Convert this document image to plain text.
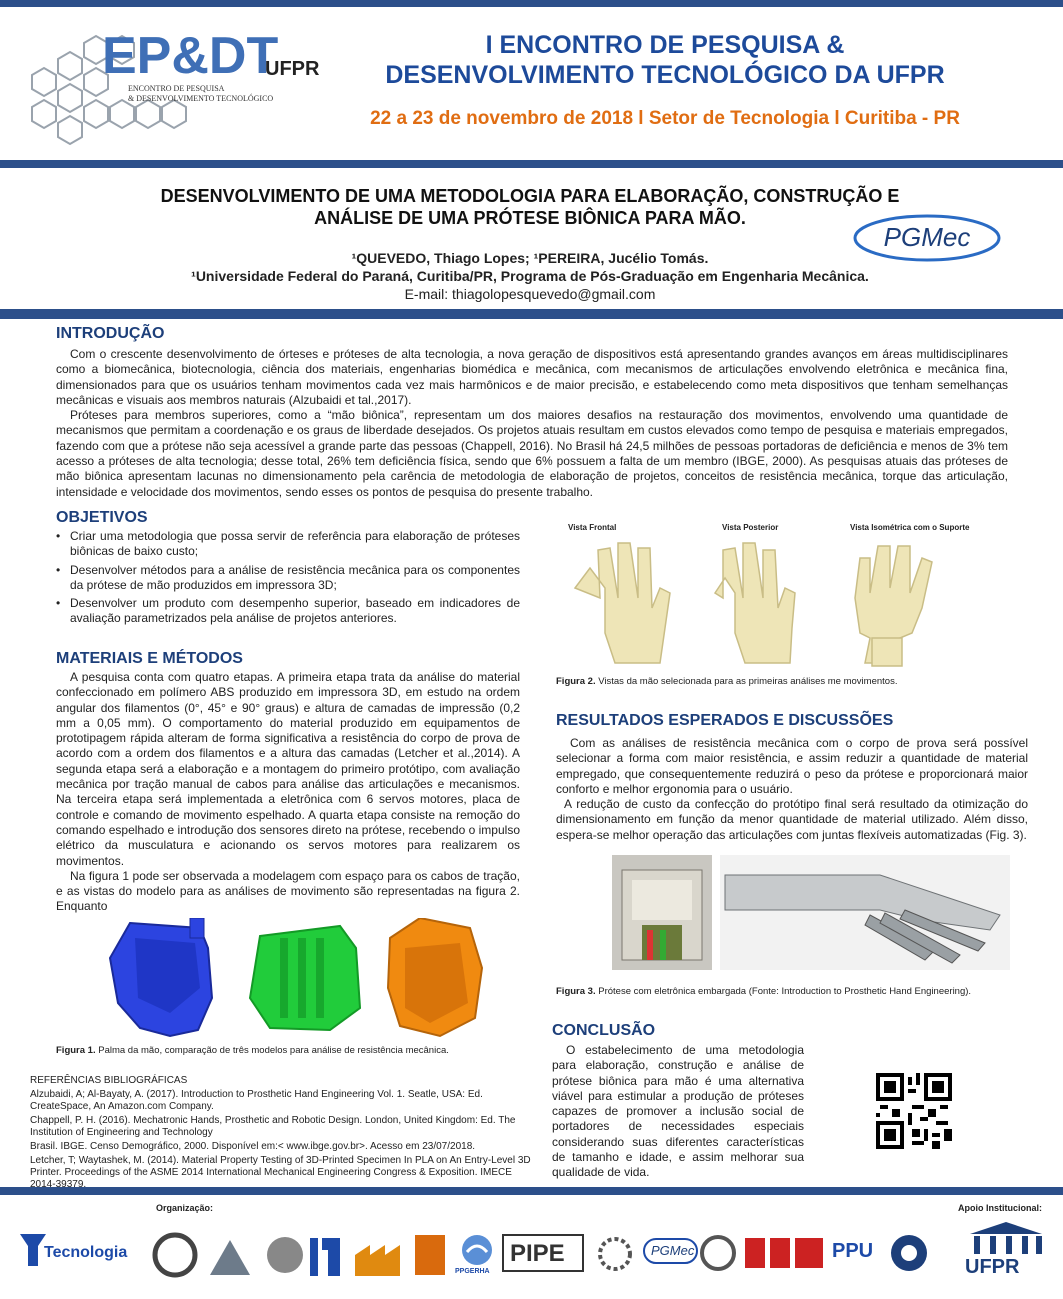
EP&DT
UFPR
ENCONTRO DE PESQUISA
& DESENVOLVIMENTO TECNOLÓGICO
I ENCONTRO DE PESQUISA &
DESENVOLVIMENTO TECNOLÓGICO DA UFPR
22 a 23 de novembro de 2018 l Setor de Tecnologia l Curitiba - PR
DESENVOLVIMENTO DE UMA METODOLOGIA PARA ELABORAÇÃO, CONSTRUÇÃO E
ANÁLISE DE UMA PRÓTESE BIÔNICA PARA MÃO.
¹QUEVEDO, Thiago Lopes; ¹PEREIRA, Jucélio Tomás.
¹Universidade Federal do Paraná, Curitiba/PR, Programa de Pós-Graduação em Engenharia Mecânica.
E-mail: thiagolopesquevedo@gmail.com
PGMec
INTRODUÇÃO

Com o crescente desenvolvimento de órteses e próteses de alta tecnologia, a nova geração de dispositivos está apresentando grandes avanços em áreas multidisciplinares como a biomecânica, biotecnologia, ciência dos materiais, engenharias biomédica e mecânica, com mecanismos de articulações envolvendo eletrônica e mecânica fina, dimensionados para que os usuários tenham movimentos cada vez mais harmônicos e de maior precisão, e estabelecendo como meta dispositivos que tenham semelhanças mecânicas e visuais aos membros naturais (Alzubaidi et tal.,2017).

Próteses para membros superiores, como a “mão biônica”, representam um dos maiores desafios na restauração dos movimentos, envolvendo uma quantidade de mecanismos que permitam a coordenação e os graus de liberdade desejados. Os projetos atuais resultam em custos elevados como tempo de pesquisa e materiais empregados, fazendo com que a prótese não seja acessível a grande parte das pessoas (Chappell, 2016). No Brasil há 24,5 milhões de pessoas portadoras de deficiência e menos de 3% tem acesso a próteses de alta tecnologia; desse total, 26% tem deficiência física, sendo que 6% possuem a falta de um membro (IBGE, 2000). As pesquisas atuais das próteses de mão biônica apresentam lacunas no dimensionamento pela carência de metodologia de elaboração de projetos, conceitos de resistência mecânica, torque das articulação, intensidade e velocidade dos movimentos, sendo esses os pontos de pesquisa do presente trabalho.

OBJETIVOS
• Criar uma metodologia que possa servir de referência para elaboração de próteses biônicas de baixo custo;
• Desenvolver métodos para a análise de resistência mecânica para os componentes da prótese de mão produzidos em impressora 3D;
• Desenvolver um produto com desempenho superior, baseado em indicadores de avaliação parametrizados pela análise de projetos anteriores.
MATERIAIS E MÉTODOS

A pesquisa conta com quatro etapas. A primeira etapa trata da análise do material confeccionado em polímero ABS produzido em impressora 3D, em estudo na ordem angular dos filamentos (0°, 45° e 90° graus) e altura de camadas de impressão (0,2 mm a 0,05 mm). O comportamento do material produzido em equipamentos de prototipagem rápida alteram de forma significativa a resistência do corpo de prova de acordo com a ordem dos filamentos e a altura das camadas (Letcher et al.,2014). A segunda etapa será a elaboração e a montagem do primeiro protótipo, com avaliação mecânica por tração manual de cabos para análise das articulações e mecanismos. Na terceira etapa será implementada a eletrônica com 6 servos motores, placa de controle e comando de movimento espelhado. A quarta etapa consiste na remoção do comando espelhado e introdução dos sensores direto na prótese, recebendo o impulso elétrico da musculatura e acionando os servos motores para realizarem os movimentos.

Na figura 1 pode ser observada a modelagem com espaço para os cabos de tração, e as vistas do modelo para as análises de movimento são representadas na figura 2. Enquanto

Figura 1. Palma da mão, comparação de três modelos para análise de resistência mecânica.
REFERÊNCIAS BIBLIOGRÁFICAS
Alzubaidi, A; Al-Bayaty, A. (2017). Introduction to Prosthetic Hand Engineering Vol. 1. Seatle, USA: Ed. CreateSpace, An Amazon.com Company.
Chappell, P. H. (2016). Mechatronic Hands, Prosthetic and Robotic Design. London, United Kingdom: Ed. The Institution of Engineering and Technology
Brasil. IBGE. Censo Demográfico, 2000. Disponível em:< www.ibge.gov.br>. Acesso em 23/07/2018.
Letcher, T; Waytashek, M. (2014). Material Property Testing of 3D-Printed Specimen In PLA on An Entry-Level 3D Printer. Proceedings of the ASME 2014 International Mechanical Engineering Congress & Exposition. IMECE 2014-39379.
Vista Frontal	Vista Posterior	Vista Isométrica com o Suporte
Figura 2. Vistas da mão selecionada para as primeiras análises me movimentos.
RESULTADOS ESPERADOS E DISCUSSÕES

Com as análises de resistência mecânica com o corpo de prova será possível selecionar a forma com maior resistência, e assim reduzir a quantidade de material empregado, que consequentemente reduzirá o peso da prótese e proporcionará maior conforto e melhor ergonomia para o usuário.

A redução de custo da confecção do protótipo final será resultado da otimização do dimensionamento em função da menor quantidade de material utilizado. Além disso, espera-se melhor operação das articulações com juntas flexíveis automatizadas (Fig. 3).

Figura 3. Prótese com eletrônica embargada (Fonte: Introduction to Prosthetic Hand Engineering).
CONCLUSÃO

O estabelecimento de uma metodologia para elaboração, construção e análise de prótese biônica para mão é uma alternativa viável para estimular a produção de próteses capazes de promover a inclusão social de portadores de necessidades especiais considerando suas diferentes características de tamanho e idade, e assim melhorar sua qualidade de vida.

Organização:	Apoio Institucional:
Tecnologia
PPGERHA
PIPE	PGMec	PPU
UFPR
